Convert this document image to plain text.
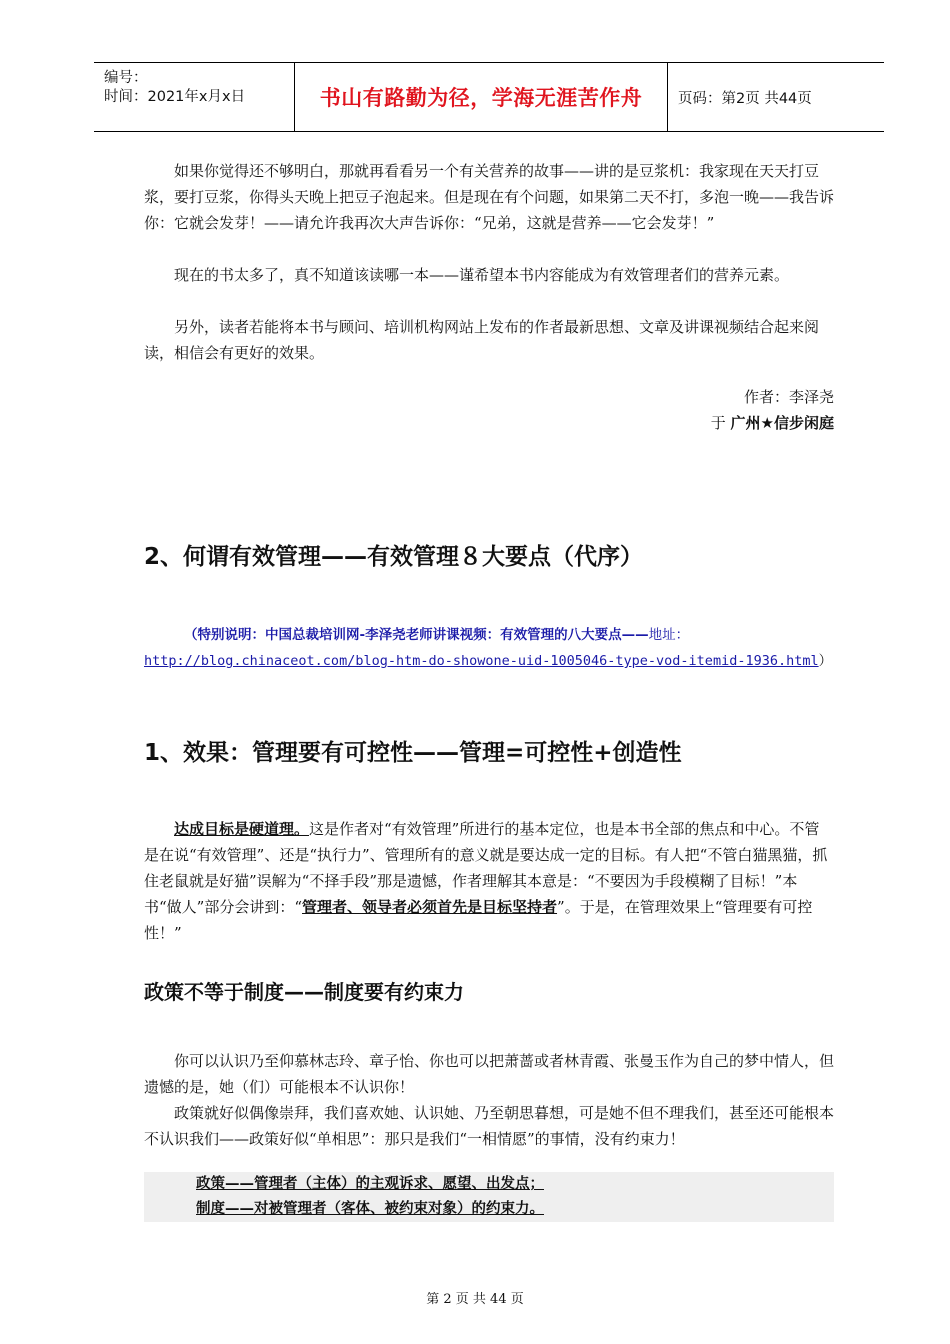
编号：
时间：2021年x月x日	书山有路勤为径，学海无涯苦作舟 页码：第2页 共44页

如果你觉得还不够明白，那就再看看另一个有关营养的故事——讲的是豆浆机：我家现在天天打豆浆，要打豆浆，你得头天晚上把豆子泡起来。但是现在有个问题，如果第二天不打，多泡一晚——我告诉你：它就会发芽！——请允许我再次大声告诉你：“兄弟，这就是营养——它会发芽！”

现在的书太多了，真不知道该读哪一本——谨希望本书内容能成为有效管理者们的营养元素。

另外，读者若能将本书与顾问、培训机构网站上发布的作者最新思想、文章及讲课视频结合起来阅读，相信会有更好的效果。

作者：李泽尧
于 广州★信步闲庭
2、何谓有效管理——有效管理８大要点（代序）

（特别说明：中国总裁培训网-李泽尧老师讲课视频：有效管理的八大要点——地址：http://blog.chinaceot.com/blog-htm-do-showone-uid-1005046-type-vod-itemid-1936.html）

1、效果：管理要有可控性——管理=可控性+创造性

达成目标是硬道理。这是作者对“有效管理”所进行的基本定位，也是本书全部的焦点和中心。不管是在说“有效管理”、还是“执行力”、管理所有的意义就是要达成一定的目标。有人把“不管白猫黑猫，抓住老鼠就是好猫”误解为“不择手段”那是遗憾，作者理解其本意是：“不要因为手段模糊了目标！”本书“做人”部分会讲到：“管理者、领导者必须首先是目标坚持者”。于是，在管理效果上“管理要有可控性！”

政策不等于制度——制度要有约束力

你可以认识乃至仰慕林志玲、章子怡、你也可以把萧蔷或者林青霞、张曼玉作为自己的梦中情人，但遗憾的是，她（们）可能根本不认识你！

政策就好似偶像崇拜，我们喜欢她、认识她、乃至朝思暮想，可是她不但不理我们，甚至还可能根本不认识我们——政策好似“单相思”：那只是我们“一相情愿”的事情，没有约束力！

政策——管理者（主体）的主观诉求、愿望、出发点；

制度——对被管理者（客体、被约束对象）的约束力。

第 2 页 共 44 页
